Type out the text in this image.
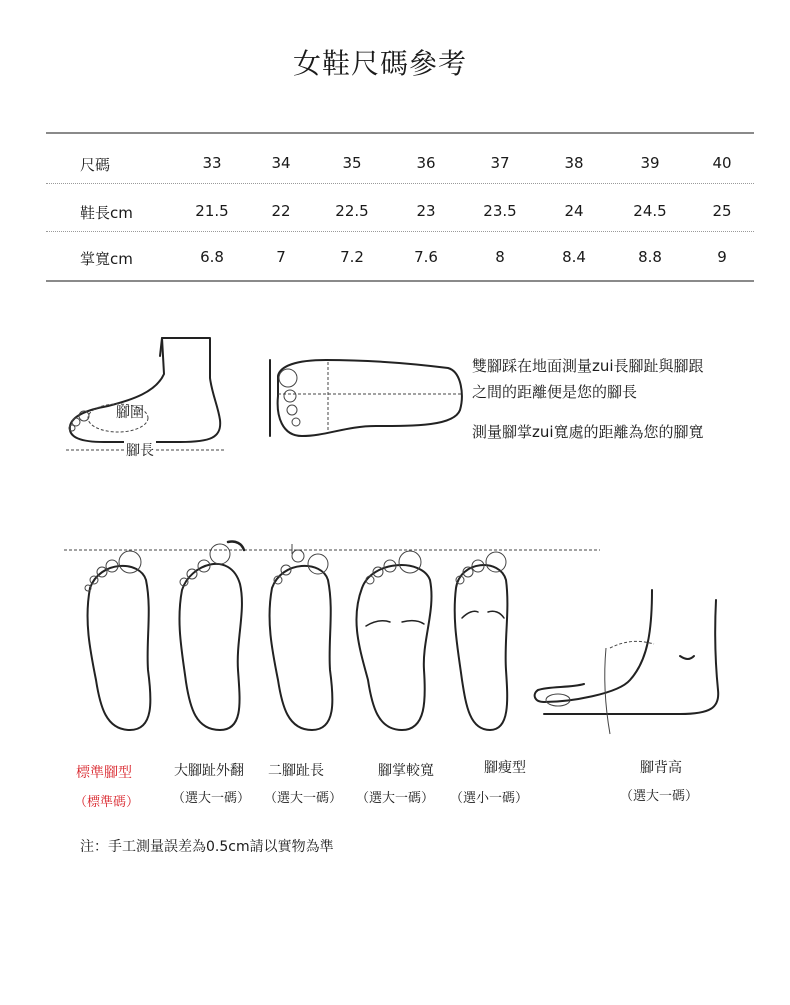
女鞋尺碼參考
尺碼	33	34	35	36	37	38	39	40
鞋長cm	21.5	22	22.5	23	23.5	24	24.5	25
掌寬cm	6.8	7	7.2	7.6	8	8.4	8.8	9
腳圍
腳長
雙腳踩在地面測量zui長腳趾與腳跟
之間的距離便是您的腳長
測量腳掌zui寬處的距離為您的腳寬
標準腳型
（標準碼）
大腳趾外翻
（選大一碼）
二腳趾長
（選大一碼）
腳掌較寬
（選大一碼）
腳瘦型
（選小一碼）
腳背高
（選大一碼）
注：手工測量誤差為0.5cm請以實物為準
